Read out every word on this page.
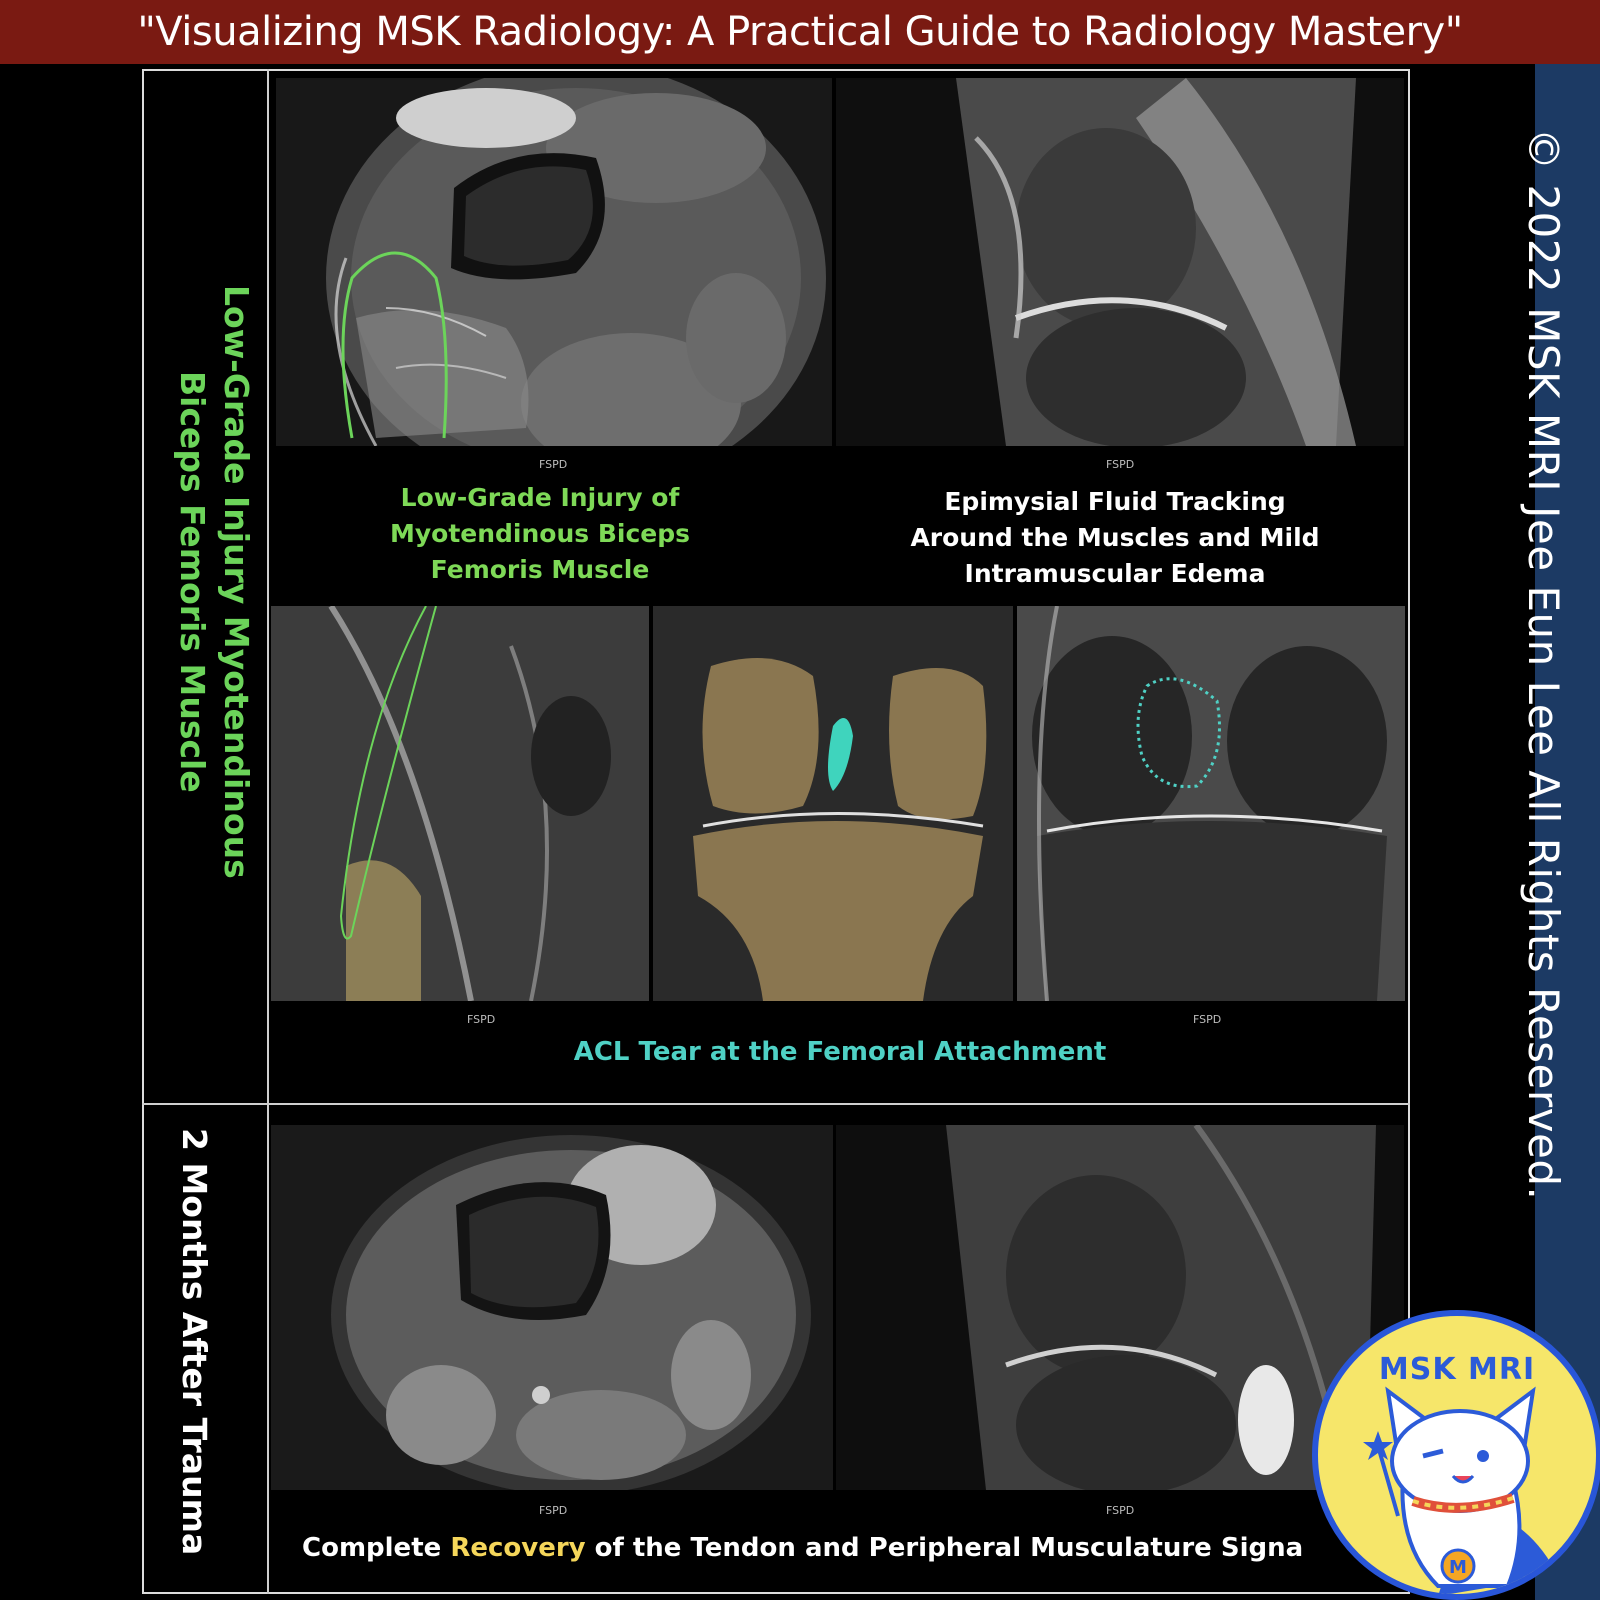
"Visualizing MSK Radiology: A Practical Guide to Radiology Mastery"
© 2022 MSK MRI Jee Eun Lee All Rights Reserved.
Low-Grade Injury Myotendinous
Biceps Femoris Muscle
2 Months After Trauma
FSPD	FSPD
FSPD	FSPD
FSPD	FSPD
Low-Grade Injury of
Myotendinous Biceps
Femoris Muscle
Epimysial Fluid Tracking
Around the Muscles and Mild
Intramuscular Edema
ACL Tear at the Femoral Attachment
Complete Recovery of the Tendon and Peripheral Musculature Signa
MSK MRI
M
